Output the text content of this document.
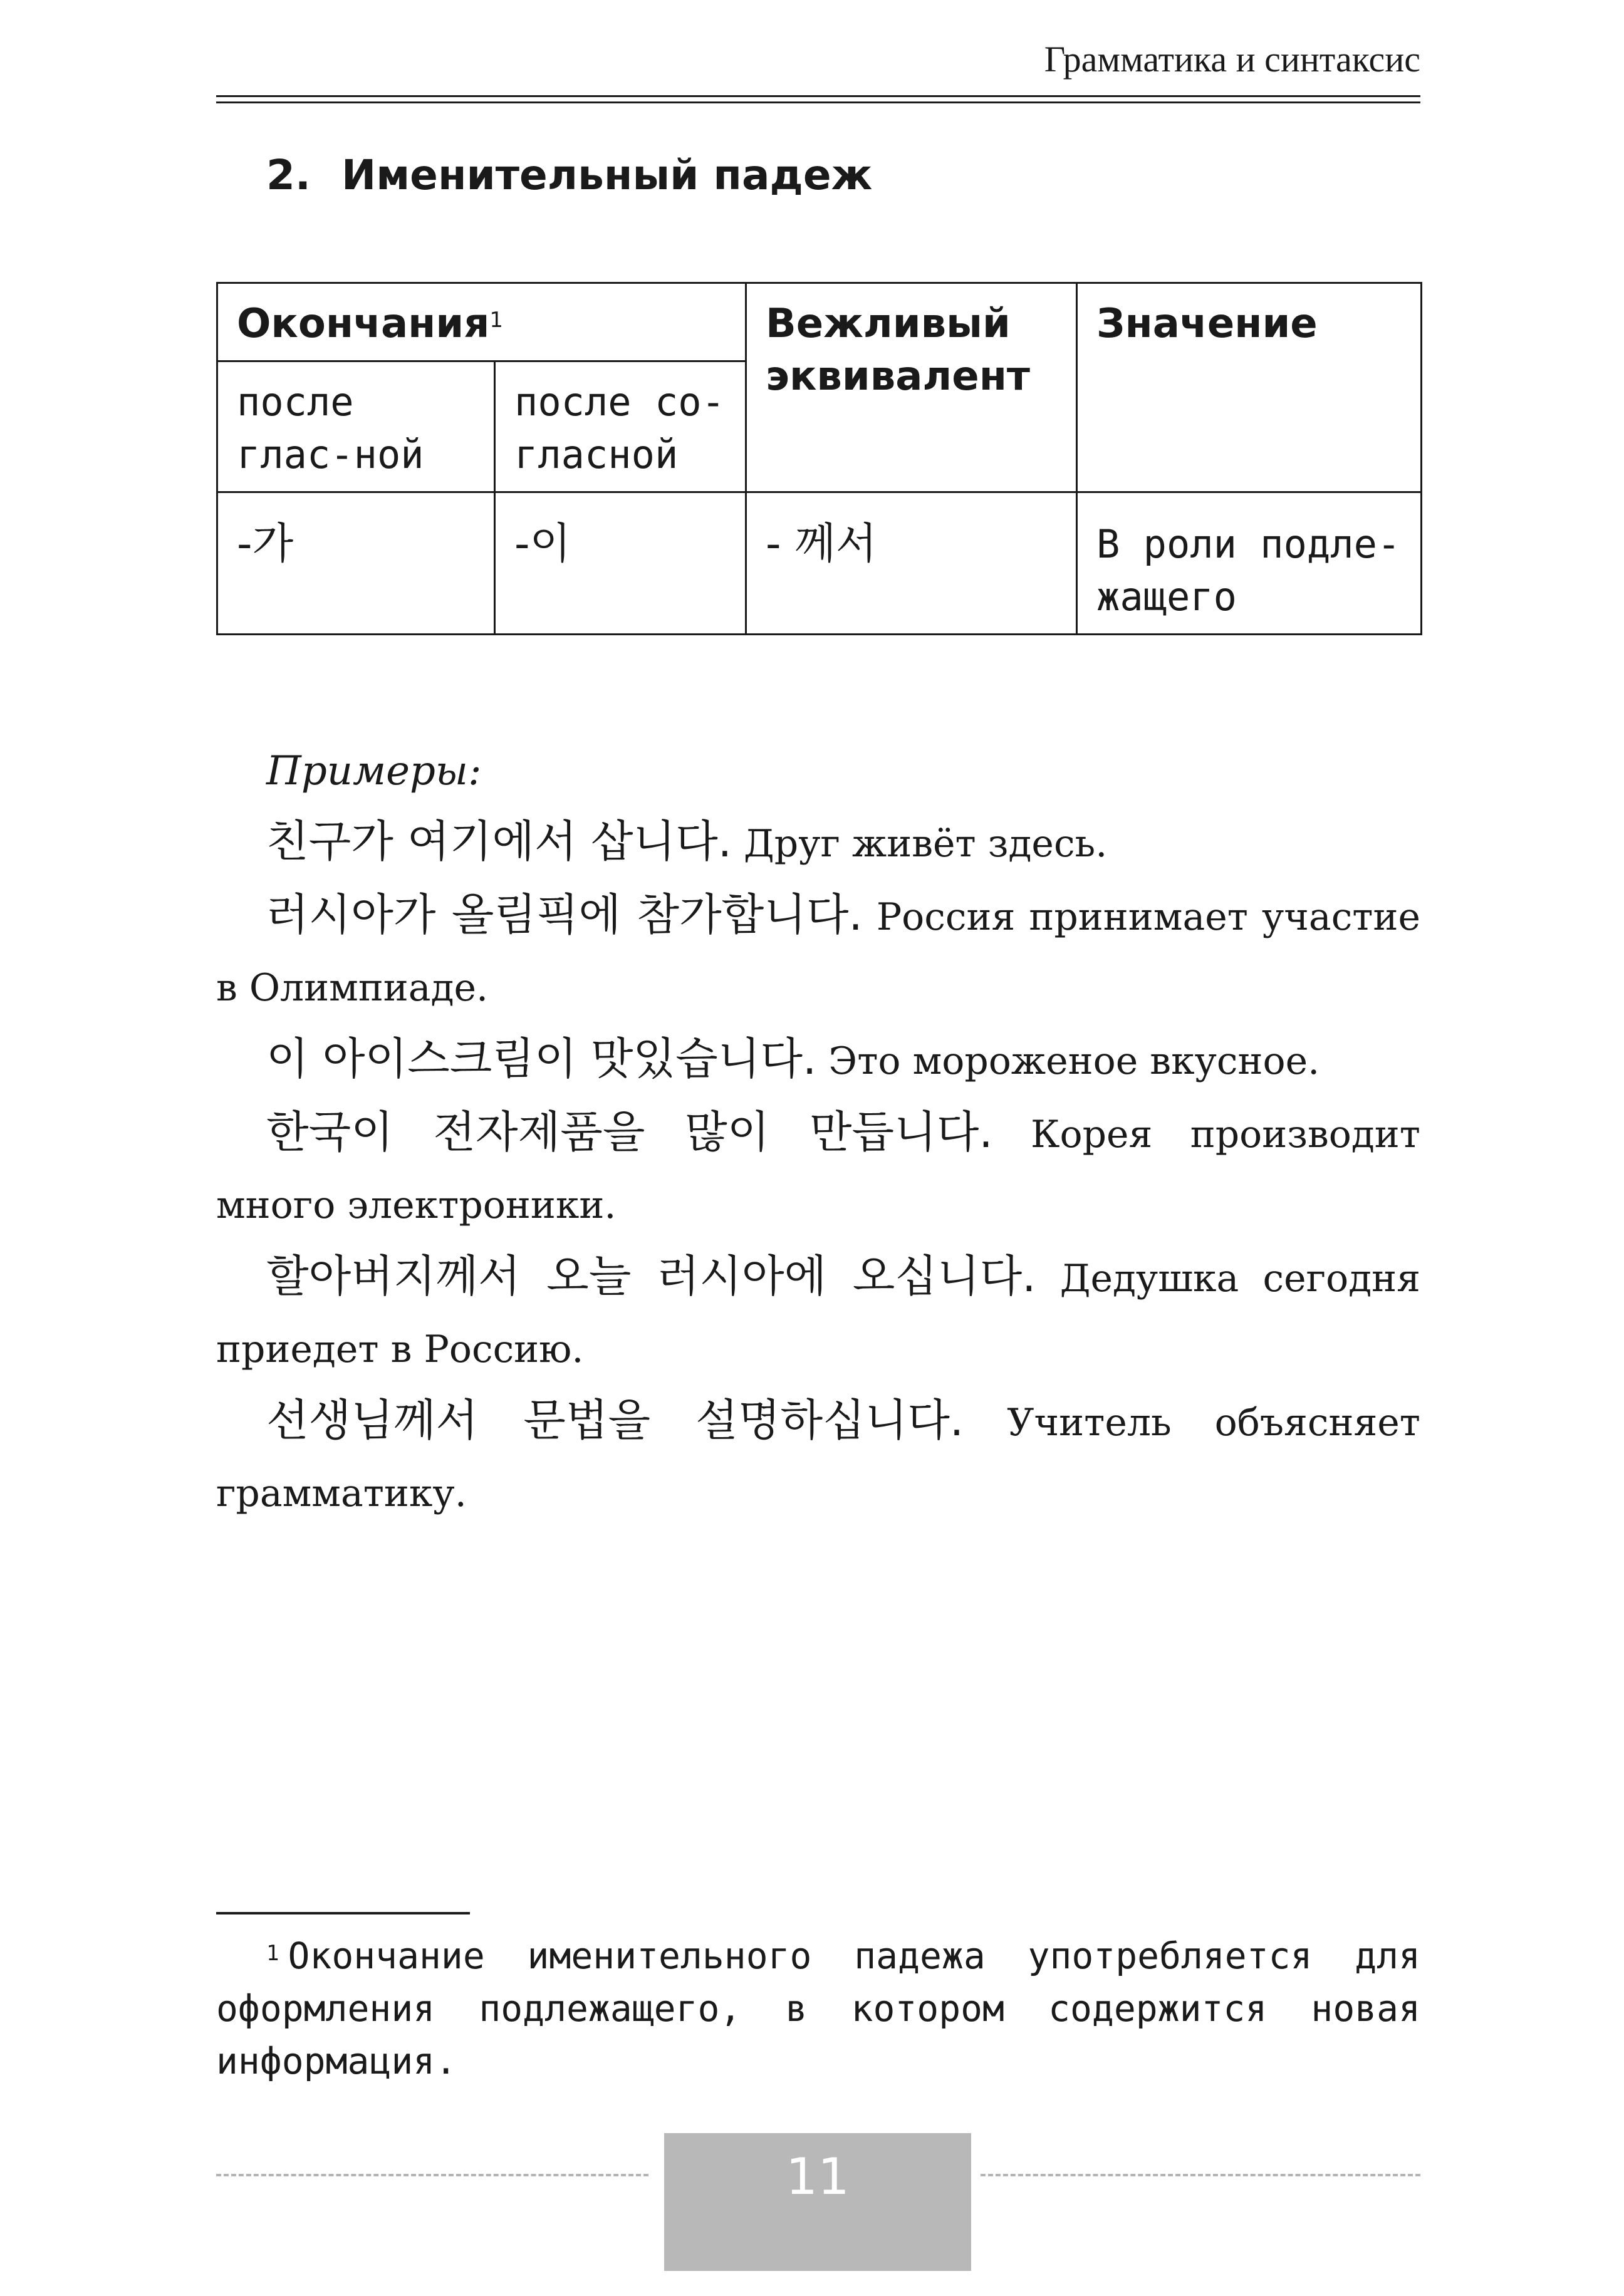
Грамматика и синтаксис
2. Именительный падеж
Окончания$^1$		Вежливый эквивалент	Значение
после глас-ной	после со-гласной		
-가	-이	- 께서	В роли подле-жащего
Примеры:

친구가 여기에서 삽니다. Друг живёт здесь.

러시아가 올림픽에 참가합니다. Россия принимает участие в Олимпиаде.

이 아이스크림이 맛있습니다. Это мороженое вкусное.

한국이 전자제품을 많이 만듭니다. Корея производит много электроники.

할아버지께서 오늘 러시아에 오십니다. Дедушка сегодня приедет в Россию.

선생님께서 문법을 설명하십니다. Учитель объясняет грамматику.

$^1$ Окончание именительного падежа употребляется для оформления подлежащего, в котором содержится новая информация.
11
